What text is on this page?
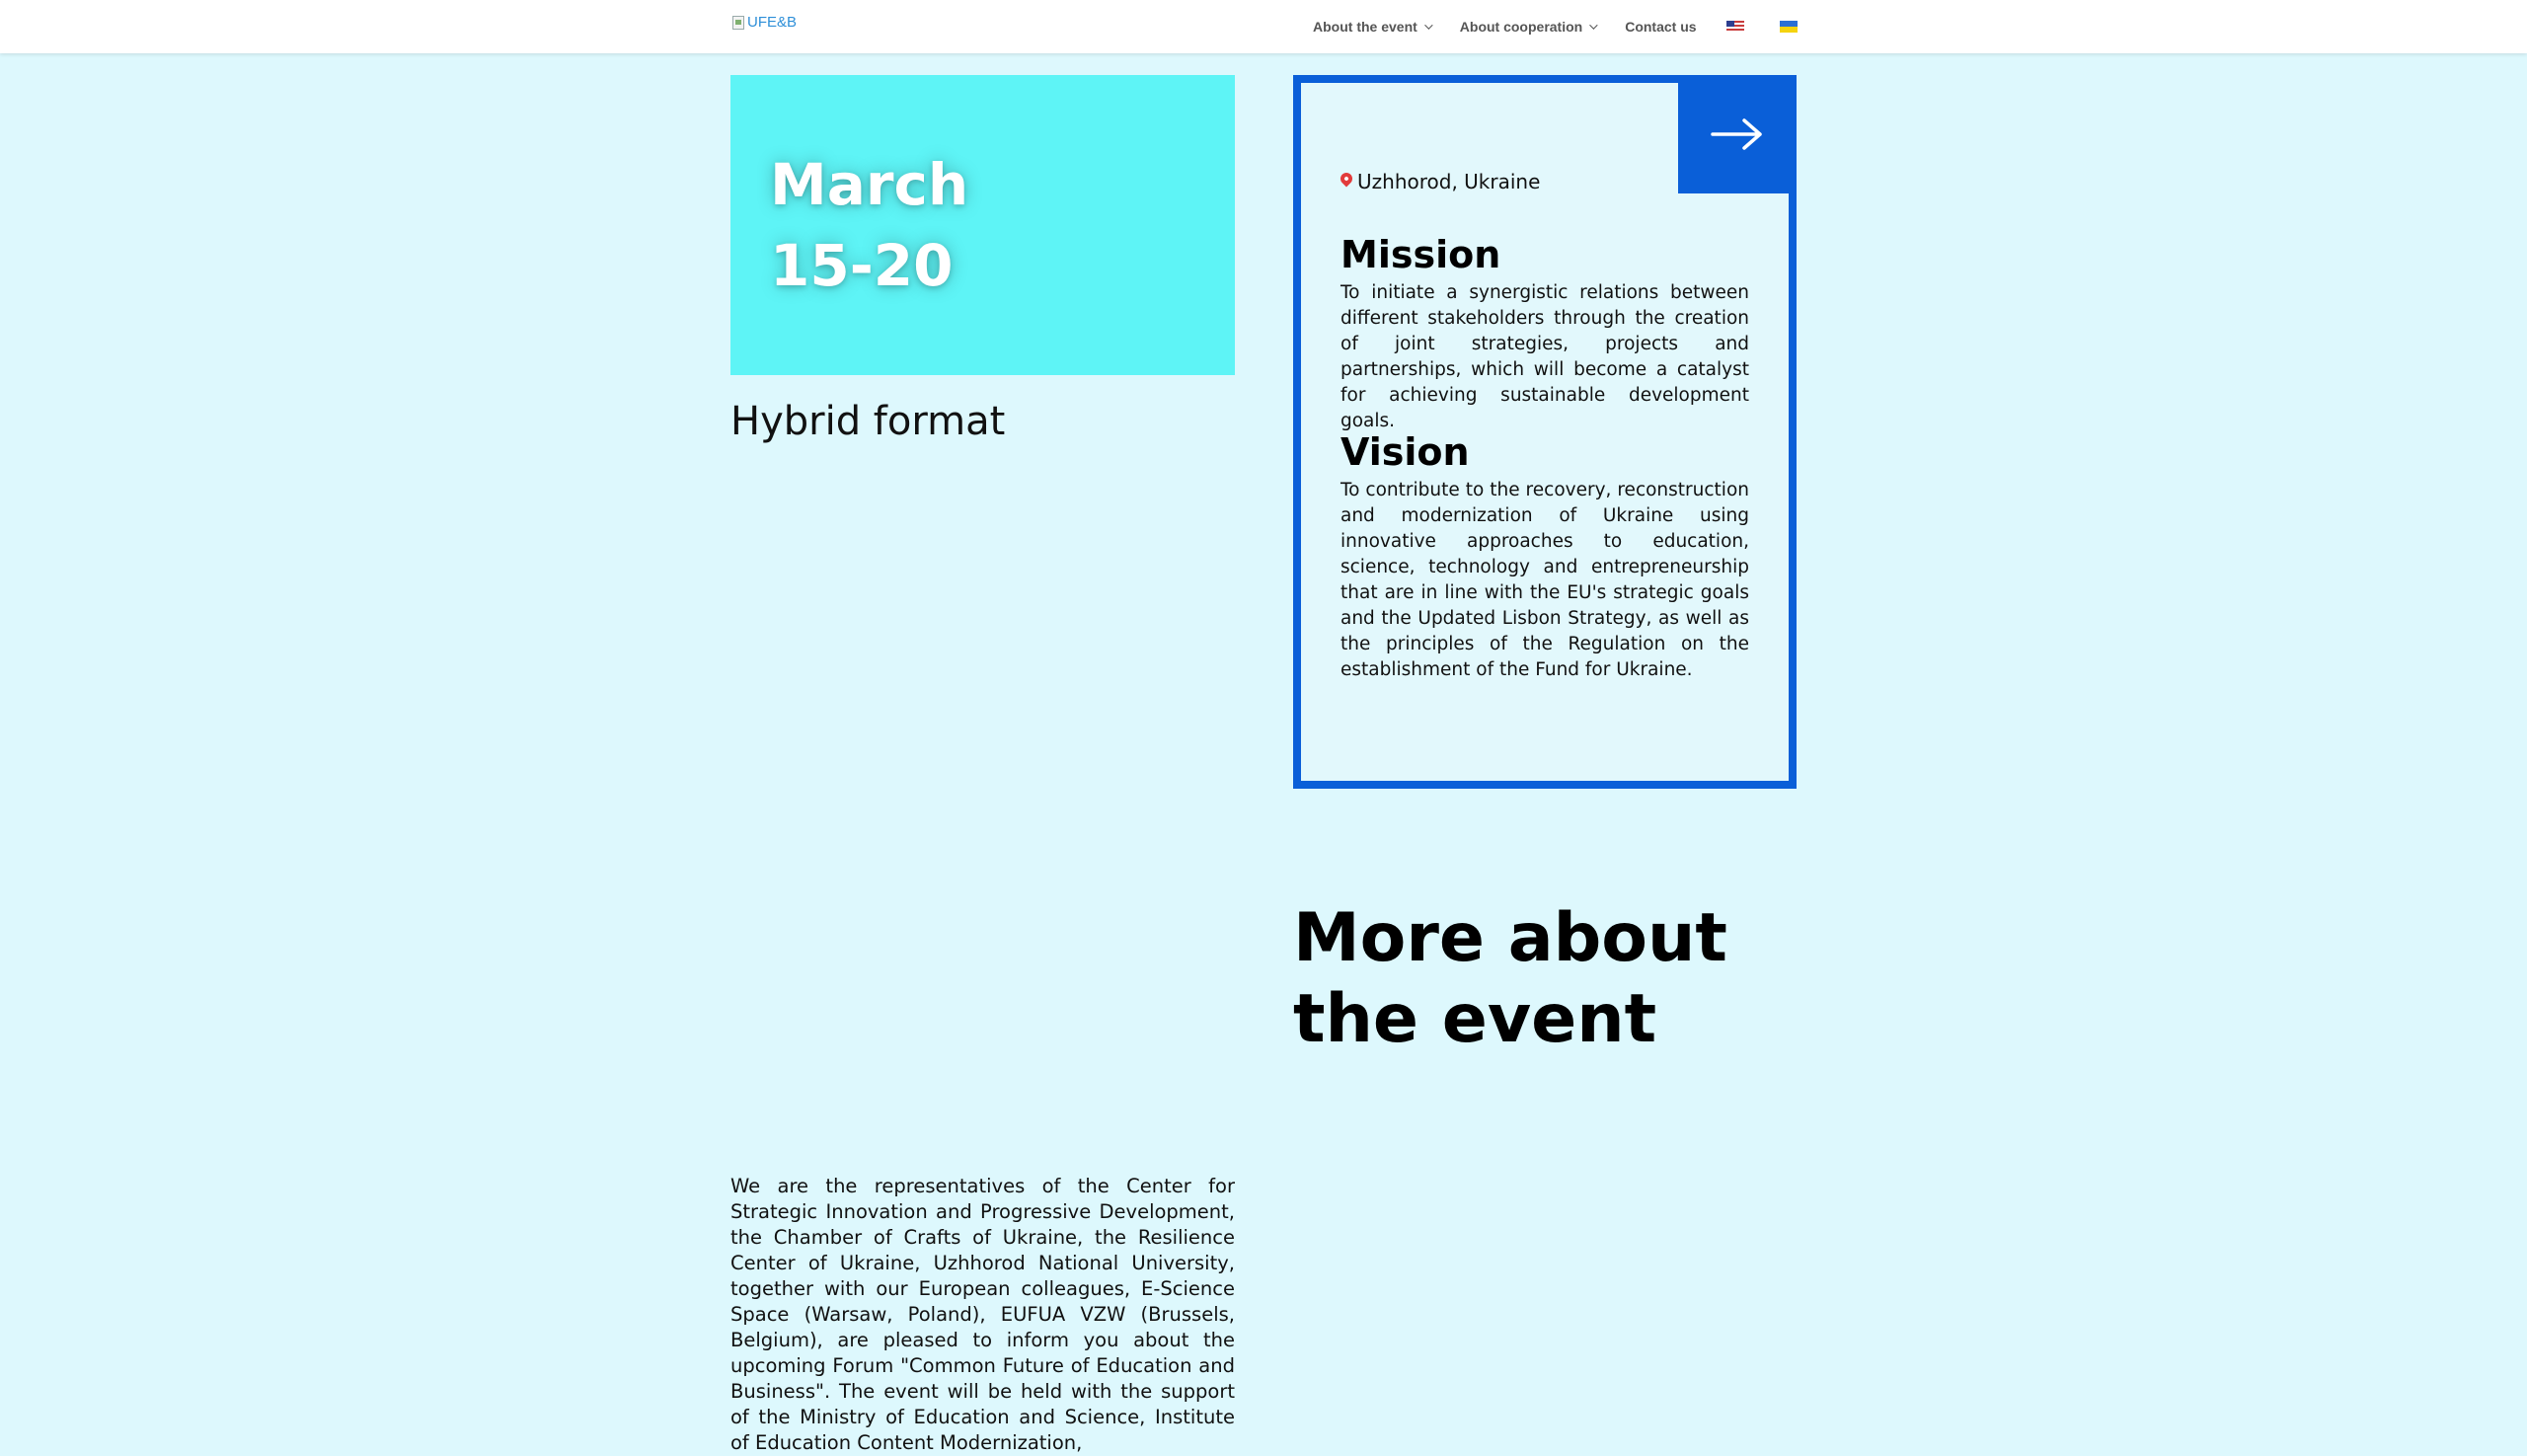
UFE&B	About the event	About cooperation	Contact us
March
15-20
Hybrid format
Uzhhorod, Ukraine
Mission

To initiate a synergistic relations between different stakeholders through the creation of joint strategies, projects and partnerships, which will become a catalyst for achieving sustainable development goals.

Vision

To contribute to the recovery, reconstruction and modernization of Ukraine using innovative approaches to education, science, technology and entrepreneurship that are in line with the EU's strategic goals and the Updated Lisbon Strategy, as well as the principles of the Regulation on the establishment of the Fund for Ukraine.

More about the event

We are the representatives of the Center for Strategic Innovation and Progressive Development, the Chamber of Crafts of Ukraine, the Resilience Center of Ukraine, Uzhhorod National University, together with our European colleagues, E-Science Space (Warsaw, Poland), EUFUA VZW (Brussels, Belgium), are pleased to inform you about the upcoming Forum "Common Future of Education and Business". The event will be held with the support of the Ministry of Education and Science, Institute of Education Content Modernization,
